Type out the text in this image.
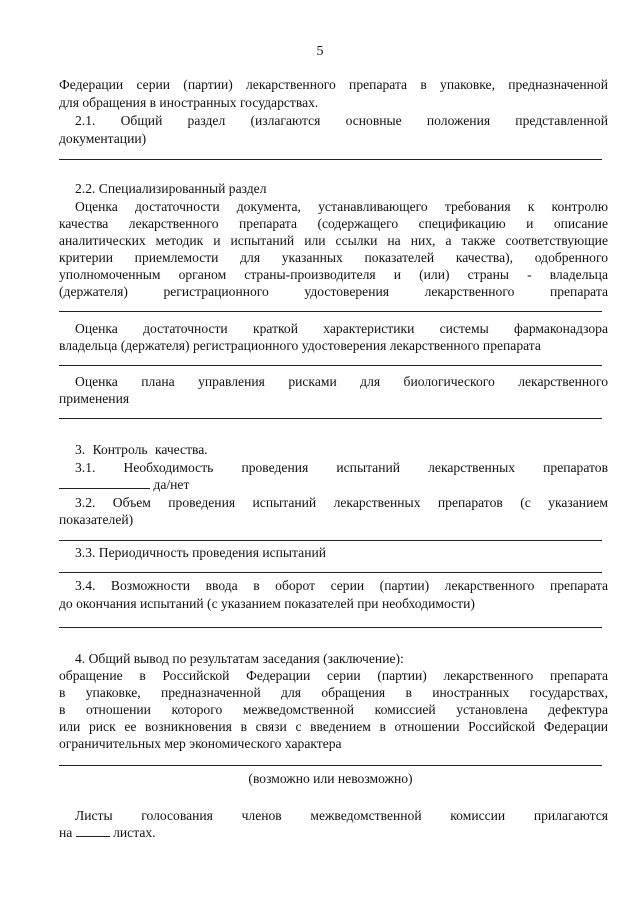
5
Федерации серии (партии) лекарственного препарата в упаковке, предназначенной
для обращения в иностранных государствах.
2.1. Общий раздел (излагаются основные положения представленной
документации)
2.2. Специализированный раздел
Оценка достаточности документа, устанавливающего требования к контролю
качества лекарственного препарата (содержащего спецификацию и описание
аналитических методик и испытаний или ссылки на них, а также соответствующие
критерии приемлемости для указанных показателей качества), одобренного
уполномоченным органом страны-производителя и (или) страны - владельца
(держателя) регистрационного удостоверения лекарственного препарата
Оценка достаточности краткой характеристики системы фармаконадзора
владельца (держателя) регистрационного удостоверения лекарственного препарата
Оценка плана управления рисками для биологического лекарственного
применения
3. Контроль качества.
3.1. Необходимость проведения испытаний лекарственных препаратов
да/нет
3.2. Объем проведения испытаний лекарственных препаратов (с указанием
показателей)
3.3. Периодичность проведения испытаний
3.4. Возможности ввода в оборот серии (партии) лекарственного препарата
до окончания испытаний (с указанием показателей при необходимости)
4. Общий вывод по результатам заседания (заключение):
обращение в Российской Федерации серии (партии) лекарственного препарата
в упаковке, предназначенной для обращения в иностранных государствах,
в отношении которого межведомственной комиссией установлена дефектура
или риск ее возникновения в связи с введением в отношении Российской Федерации
ограничительных мер экономического характера
(возможно или невозможно)
Листы голосования членов межведомственной комиссии прилагаются
на	листах.
